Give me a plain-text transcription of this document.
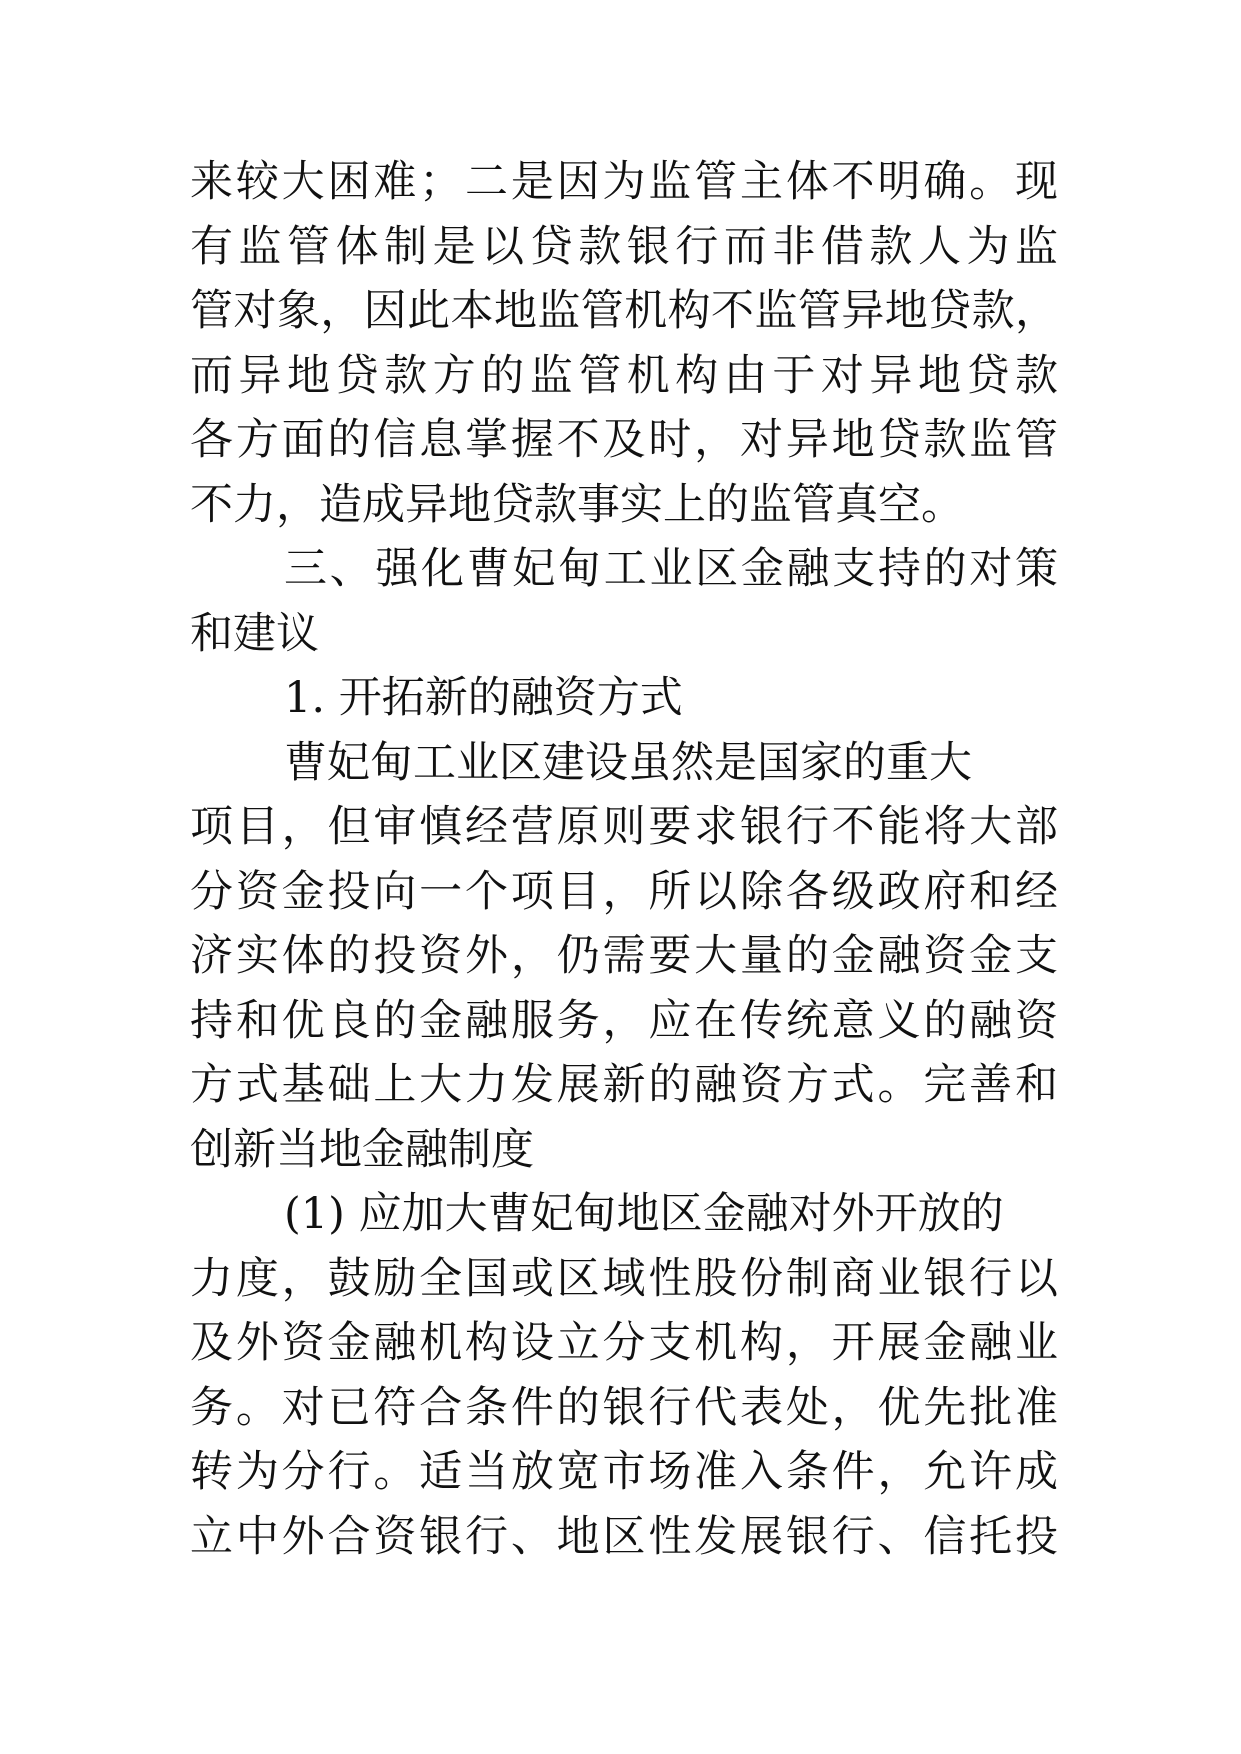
来较大困难；二是因为监管主体不明确。现
有监管体制是以贷款银行而非借款人为监
管对象，因此本地监管机构不监管异地贷款，
而异地贷款方的监管机构由于对异地贷款
各方面的信息掌握不及时，对异地贷款监管
不力，造成异地贷款事实上的监管真空。
三、强化曹妃甸工业区金融支持的对策
和建议
1. 开拓新的融资方式
曹妃甸工业区建设虽然是国家的重大
项目，但审慎经营原则要求银行不能将大部
分资金投向一个项目，所以除各级政府和经
济实体的投资外，仍需要大量的金融资金支
持和优良的金融服务，应在传统意义的融资
方式基础上大力发展新的融资方式。完善和
创新当地金融制度
(1) 应加大曹妃甸地区金融对外开放的
力度，鼓励全国或区域性股份制商业银行以
及外资金融机构设立分支机构，开展金融业
务。对已符合条件的银行代表处，优先批准
转为分行。适当放宽市场准入条件，允许成
立中外合资银行、地区性发展银行、信托投
